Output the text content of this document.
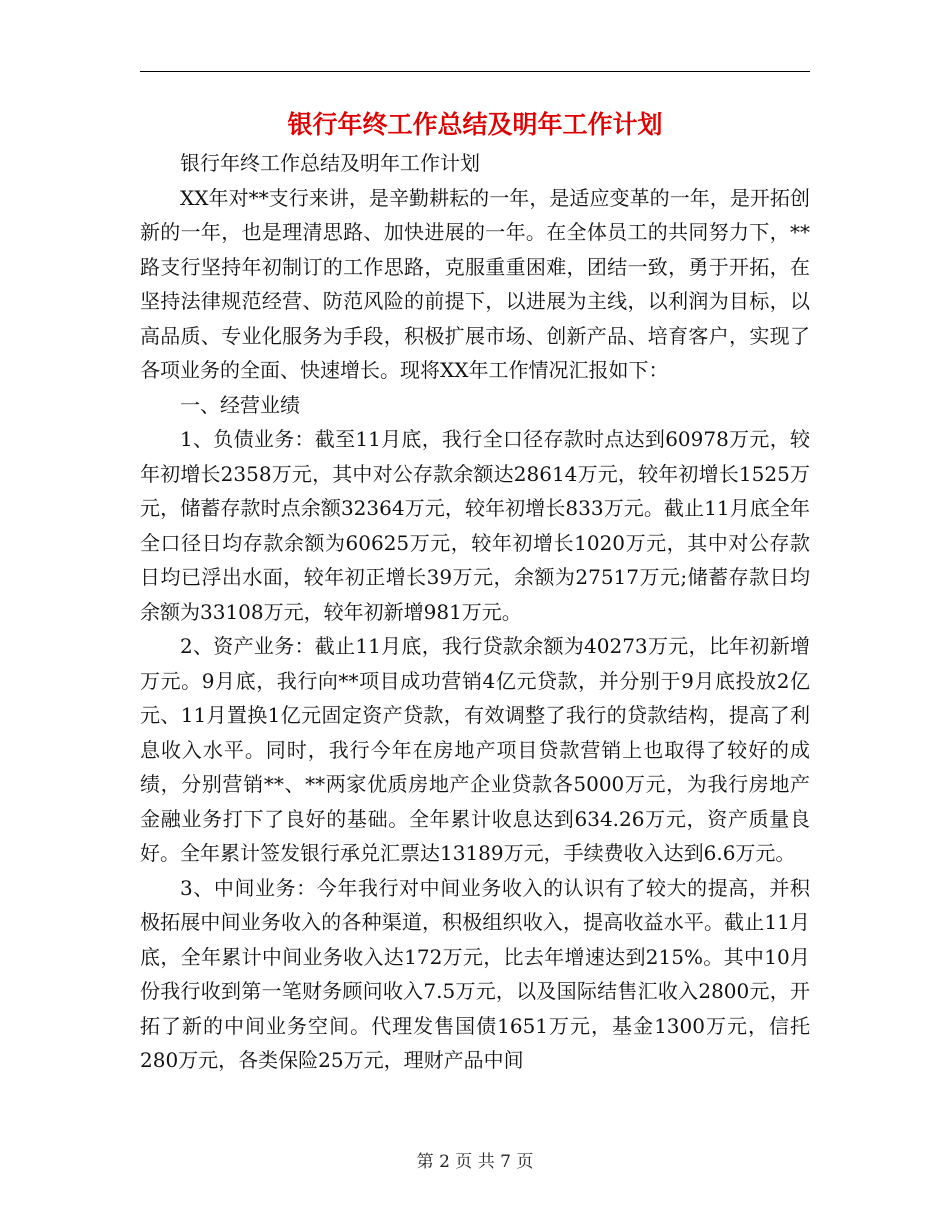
银行年终工作总结及明年工作计划

银行年终工作总结及明年工作计划

XX年对**支行来讲，是辛勤耕耘的一年，是适应变革的一年，是开拓创新的一年，也是理清思路、加快进展的一年。在全体员工的共同努力下，**路支行坚持年初制订的工作思路，克服重重困难，团结一致，勇于开拓，在坚持法律规范经营、防范风险的前提下，以进展为主线，以利润为目标，以高品质、专业化服务为手段，积极扩展市场、创新产品、培育客户，实现了各项业务的全面、快速增长。现将XX年工作情况汇报如下：

一、经营业绩

1、负债业务：截至11月底，我行全口径存款时点达到60978万元，较年初增长2358万元，其中对公存款余额达28614万元，较年初增长1525万元，储蓄存款时点余额32364万元，较年初增长833万元。截止11月底全年全口径日均存款余额为60625万元，较年初增长1020万元，其中对公存款日均已浮出水面，较年初正增长39万元，余额为27517万元;储蓄存款日均余额为33108万元，较年初新增981万元。

2、资产业务：截止11月底，我行贷款余额为40273万元，比年初新增 万元。9月底，我行向**项目成功营销4亿元贷款，并分别于9月底投放2亿元、11月置换1亿元固定资产贷款，有效调整了我行的贷款结构，提高了利息收入水平。同时，我行今年在房地产项目贷款营销上也取得了较好的成绩，分别营销**、**两家优质房地产企业贷款各5000万元，为我行房地产金融业务打下了良好的基础。全年累计收息达到634.26万元，资产质量良好。全年累计签发银行承兑汇票达13189万元，手续费收入达到6.6万元。

3、中间业务：今年我行对中间业务收入的认识有了较大的提高，并积极拓展中间业务收入的各种渠道，积极组织收入，提高收益水平。截止11月底，全年累计中间业务收入达172万元，比去年增速达到215%。其中10月份我行收到第一笔财务顾问收入7.5万元，以及国际结售汇收入2800元，开拓了新的中间业务空间。代理发售国债1651万元，基金1300万元，信托280万元，各类保险25万元，理财产品中间

第 2 页 共 7 页
